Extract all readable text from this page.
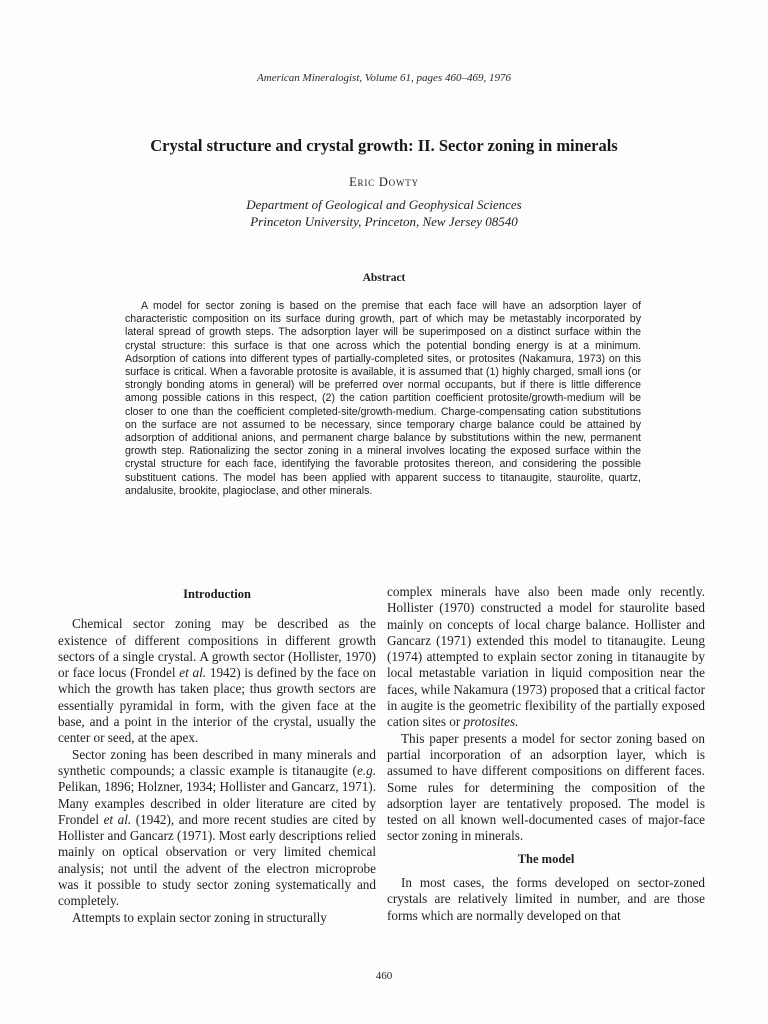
American Mineralogist, Volume 61, pages 460–469, 1976
Crystal structure and crystal growth: II. Sector zoning in minerals
Eric Dowty
Department of Geological and Geophysical Sciences
Princeton University, Princeton, New Jersey 08540
Abstract
A model for sector zoning is based on the premise that each face will have an adsorption layer of characteristic composition on its surface during growth, part of which may be metastably incorporated by lateral spread of growth steps. The adsorption layer will be superimposed on a distinct surface within the crystal structure: this surface is that one across which the potential bonding energy is at a minimum. Adsorption of cations into different types of partially-completed sites, or protosites (Nakamura, 1973) on this surface is critical. When a favorable protosite is available, it is assumed that (1) highly charged, small ions (or strongly bonding atoms in general) will be preferred over normal occupants, but if there is little difference among possible cations in this respect, (2) the cation partition coefficient protosite/growth-medium will be closer to one than the coefficient completed-site/growth-medium. Charge-compensating cation substitutions on the surface are not assumed to be necessary, since temporary charge balance could be attained by adsorption of additional anions, and permanent charge balance by substitutions within the new, permanent growth step. Rationalizing the sector zoning in a mineral involves locating the exposed surface within the crystal structure for each face, identifying the favorable protosites thereon, and considering the possible substituent cations. The model has been applied with apparent success to titanaugite, staurolite, quartz, andalusite, brookite, plagioclase, and other minerals.
Introduction

Chemical sector zoning may be described as the existence of different compositions in different growth sectors of a single crystal. A growth sector (Hollister, 1970) or face locus (Frondel et al. 1942) is defined by the face on which the growth has taken place; thus growth sectors are essentially pyramidal in form, with the given face at the base, and a point in the interior of the crystal, usually the center or seed, at the apex.

Sector zoning has been described in many minerals and synthetic compounds; a classic example is titanaugite (e.g. Pelikan, 1896; Holzner, 1934; Hollister and Gancarz, 1971). Many examples described in older literature are cited by Frondel et al. (1942), and more recent studies are cited by Hollister and Gancarz (1971). Most early descriptions relied mainly on optical observation or very limited chemical analysis; not until the advent of the electron microprobe was it possible to study sector zoning systematically and completely.

Attempts to explain sector zoning in structurally

complex minerals have also been made only recently. Hollister (1970) constructed a model for staurolite based mainly on concepts of local charge balance. Hollister and Gancarz (1971) extended this model to titanaugite. Leung (1974) attempted to explain sector zoning in titanaugite by local metastable variation in liquid composition near the faces, while Nakamura (1973) proposed that a critical factor in augite is the geometric flexibility of the partially exposed cation sites or protosites.

This paper presents a model for sector zoning based on partial incorporation of an adsorption layer, which is assumed to have different compositions on different faces. Some rules for determining the composition of the adsorption layer are tentatively proposed. The model is tested on all known well-documented cases of major-face sector zoning in minerals.

The model

In most cases, the forms developed on sector-zoned crystals are relatively limited in number, and are those forms which are normally developed on that

460
